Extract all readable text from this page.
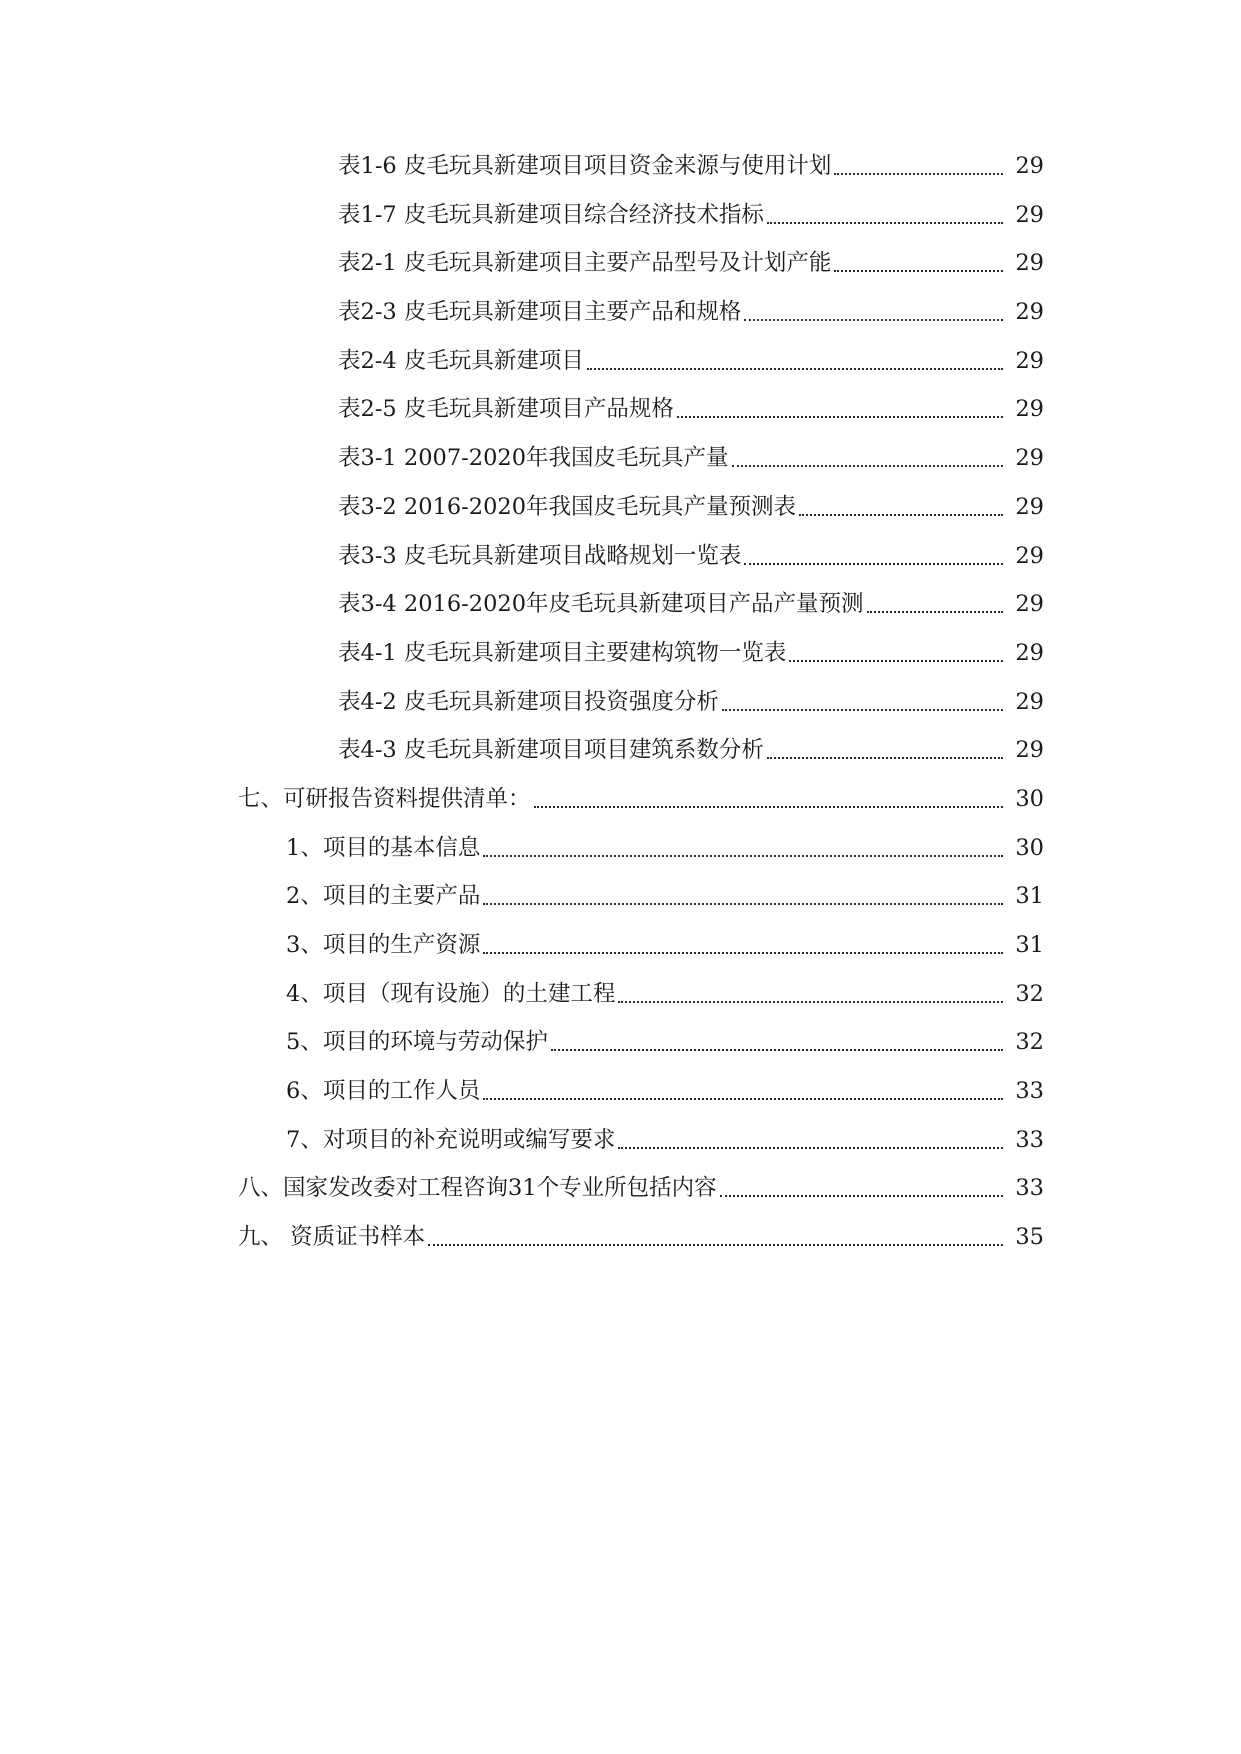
表1-6 皮毛玩具新建项目项目资金来源与使用计划	29
表1-7 皮毛玩具新建项目综合经济技术指标	29
表2-1 皮毛玩具新建项目主要产品型号及计划产能	29
表2-3 皮毛玩具新建项目主要产品和规格	29
表2-4 皮毛玩具新建项目	29
表2-5 皮毛玩具新建项目产品规格	29
表3-1 2007-2020年我国皮毛玩具产量	29
表3-2 2016-2020年我国皮毛玩具产量预测表	29
表3-3 皮毛玩具新建项目战略规划一览表	29
表3-4 2016-2020年皮毛玩具新建项目产品产量预测	29
表4-1 皮毛玩具新建项目主要建构筑物一览表	29
表4-2 皮毛玩具新建项目投资强度分析	29
表4-3 皮毛玩具新建项目项目建筑系数分析	29
七、可研报告资料提供清单：	30
1、项目的基本信息	30
2、项目的主要产品	31
3、项目的生产资源	31
4、项目（现有设施）的土建工程	32
5、项目的环境与劳动保护	32
6、项目的工作人员	33
7、对项目的补充说明或编写要求	33
八、国家发改委对工程咨询31个专业所包括内容	33
九、 资质证书样本	35
